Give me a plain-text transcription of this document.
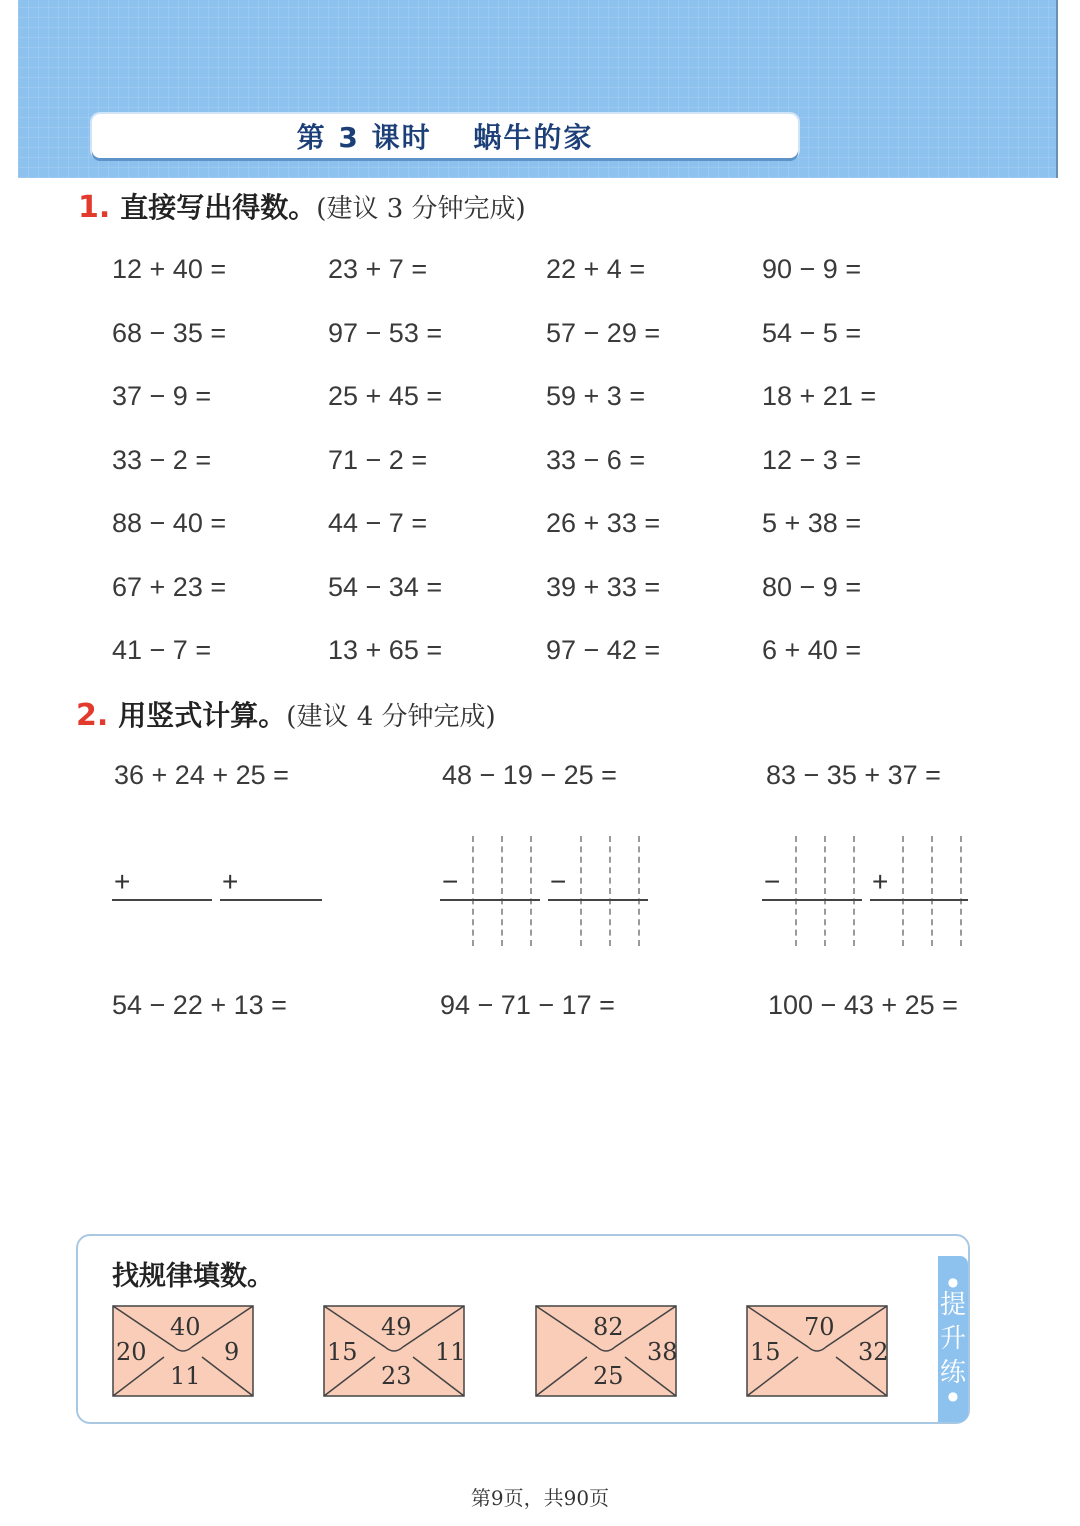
第 3 课时　 蜗牛的家
1. 直接写出得数。 (建议 3 分钟完成)
12 + 40 =	23 + 7 =	22 + 4 =	90 − 9 =
68 − 35 =	97 − 53 =	57 − 29 =	54 − 5 =
37 − 9 =	25 + 45 =	59 + 3 =	18 + 21 =
33 − 2 =	71 − 2 =	33 − 6 =	12 − 3 =
88 − 40 =	44 − 7 =	26 + 33 =	5 + 38 =
67 + 23 =	54 − 34 =	39 + 33 =	80 − 9 =
41 − 7 =	13 + 65 =	97 − 42 =	6 + 40 =
2. 用竖式计算。 (建议 4 分钟完成)
36 + 24 + 25 =	48 − 19 − 25 =	83 − 35 + 37 =
+	+	−	−	−	+
54 − 22 + 13 =	94 − 71 − 17 =	100 − 43 + 25 =
找规律填数。	●
提
升
练
●
40
20	9
11
49
15	11
23
82
38
25
70
15	32
第9页，共90页
